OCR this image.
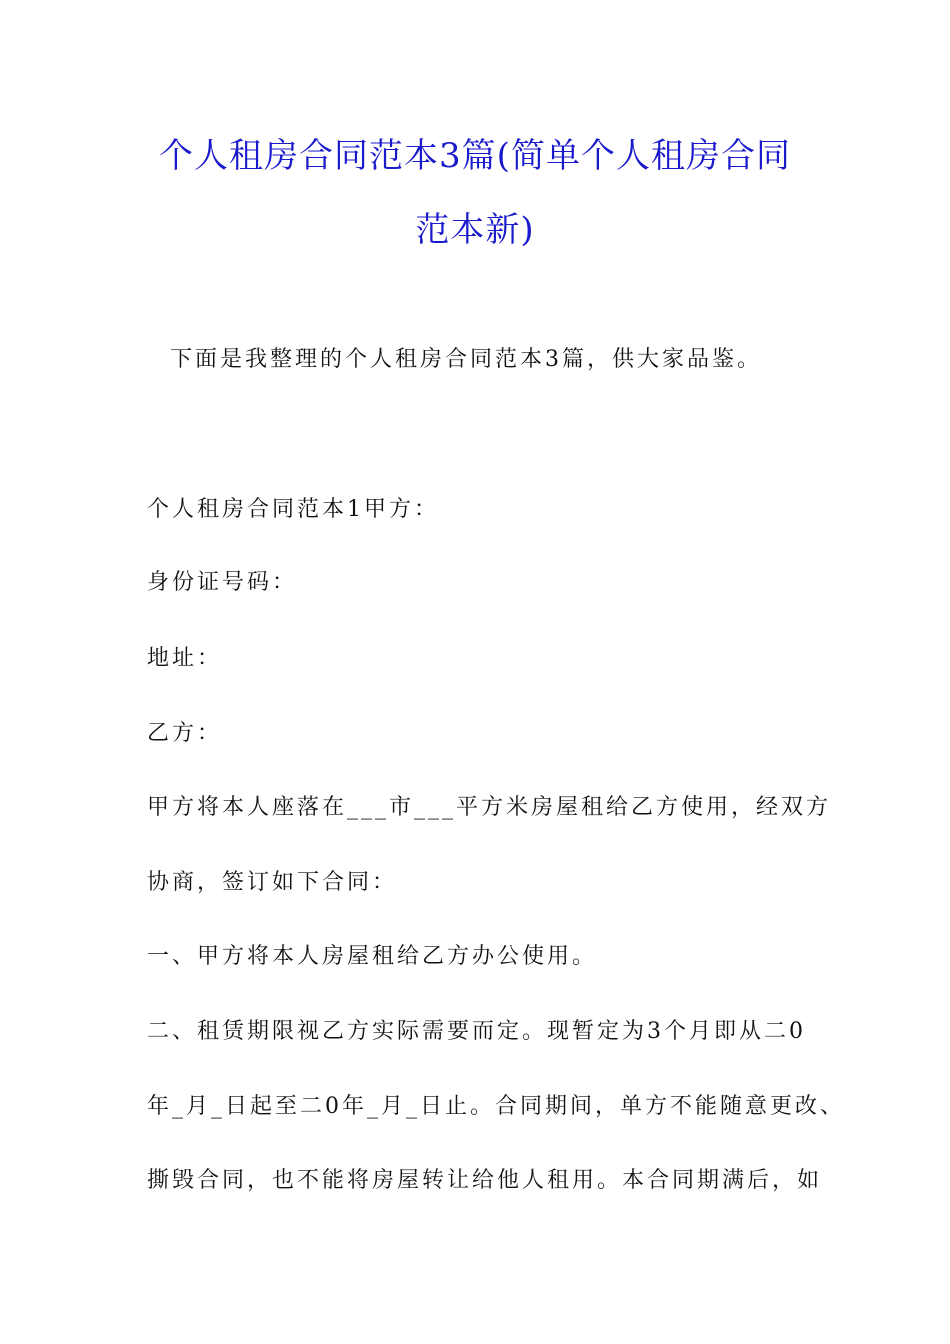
个人租房合同范本3篇(简单个人租房合同
范本新)
下面是我整理的个人租房合同范本3篇，供大家品鉴。
个人租房合同范本1甲方：
身份证号码：
地址：
乙方：
甲方将本人座落在___市___平方米房屋租给乙方使用，经双方
协商，签订如下合同：
一、甲方将本人房屋租给乙方办公使用。
二、租赁期限视乙方实际需要而定。现暂定为3个月即从二0
年_月_日起至二0年_月_日止。合同期间，单方不能随意更改、
撕毁合同，也不能将房屋转让给他人租用。本合同期满后，如
